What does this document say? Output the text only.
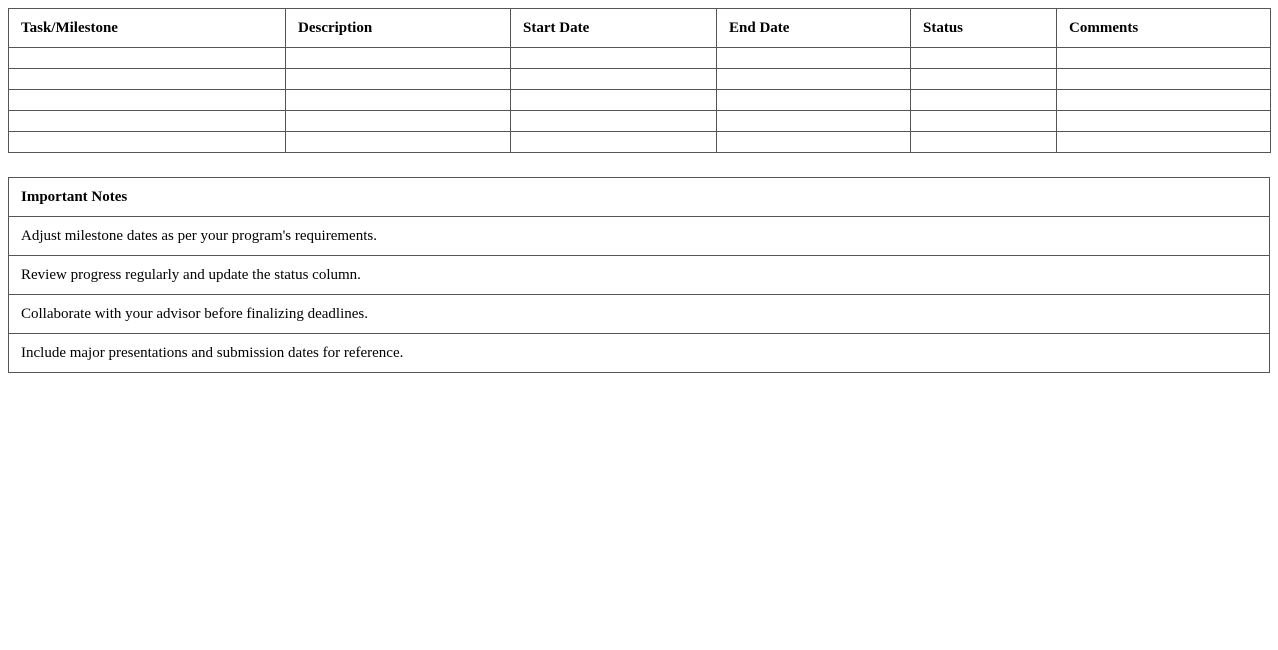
Task/Milestone	Description	Start Date	End Date	Status	Comments

Important Notes
Adjust milestone dates as per your program's requirements.
Review progress regularly and update the status column.
Collaborate with your advisor before finalizing deadlines.
Include major presentations and submission dates for reference.
